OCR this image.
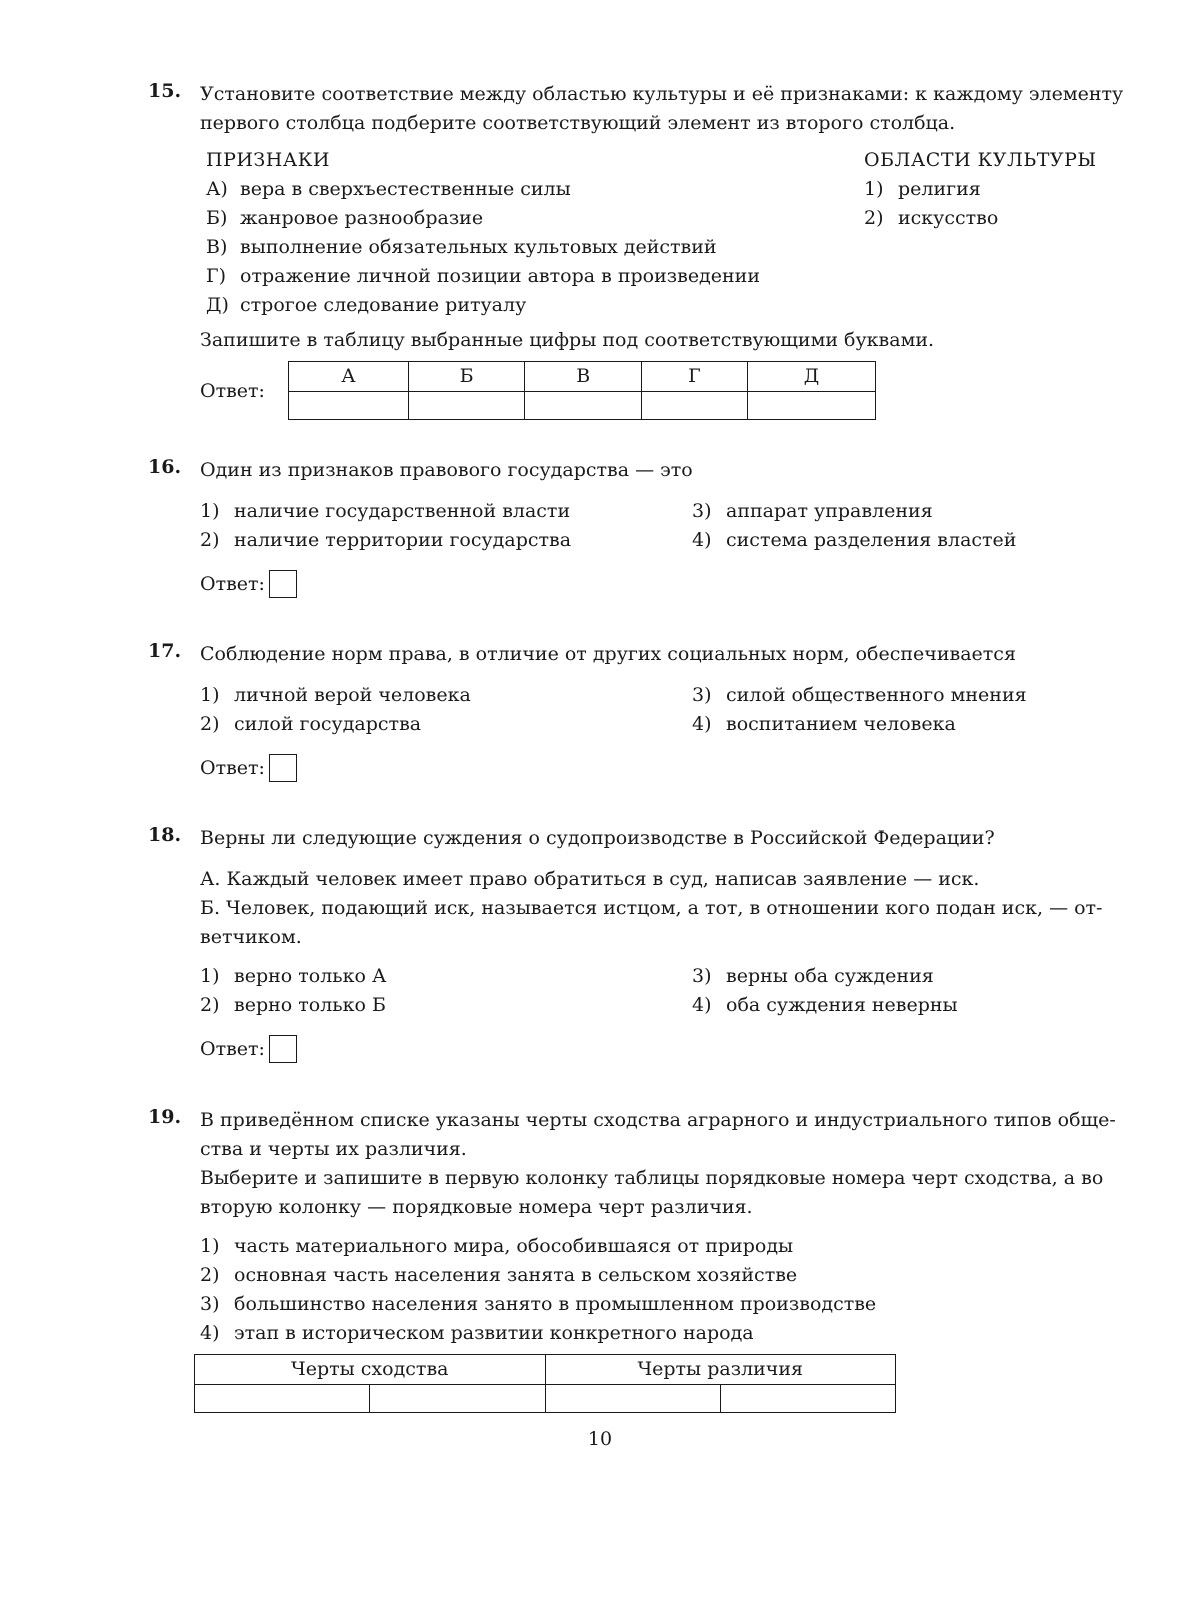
15. Установите соответствие между областью культуры и её признаками: к каждому элементу
первого столбца подберите соответствующий элемент из второго столбца.
ПРИЗНАКИ
А) вера в сверхъестественные силы
Б) жанровое разнообразие
В) выполнение обязательных культовых действий
Г) отражение личной позиции автора в произведении
Д) строгое следование ритуалу
ОБЛАСТИ КУЛЬТУРЫ
1) религия
2) искусство
Запишите в таблицу выбранные цифры под соответствующими буквами.
Ответ:
А	Б	В	Г	Д

16. Один из признаков правового государства — это
1) наличие государственной власти
2) наличие территории государства
3) аппарат управления
4) система разделения властей
Ответ:
17. Соблюдение норм права, в отличие от других социальных норм, обеспечивается
1) личной верой человека
2) силой государства
3) силой общественного мнения
4) воспитанием человека
Ответ:
18. Верны ли следующие суждения о судопроизводстве в Российской Федерации?
А. Каждый человек имеет право обратиться в суд, написав заявление — иск.
Б. Человек, подающий иск, называется истцом, а тот, в отношении кого подан иск, — от-
ветчиком.
1) верно только А
2) верно только Б
3) верны оба суждения
4) оба суждения неверны
Ответ:
19. В приведённом списке указаны черты сходства аграрного и индустриального типов обще-
ства и черты их различия.
Выберите и запишите в первую колонку таблицы порядковые номера черт сходства, а во
вторую колонку — порядковые номера черт различия.
1) часть материального мира, обособившаяся от природы
2) основная часть населения занята в сельском хозяйстве
3) большинство населения занято в промышленном производстве
4) этап в историческом развитии конкретного народа
Черты сходства		Черты различия	

10
